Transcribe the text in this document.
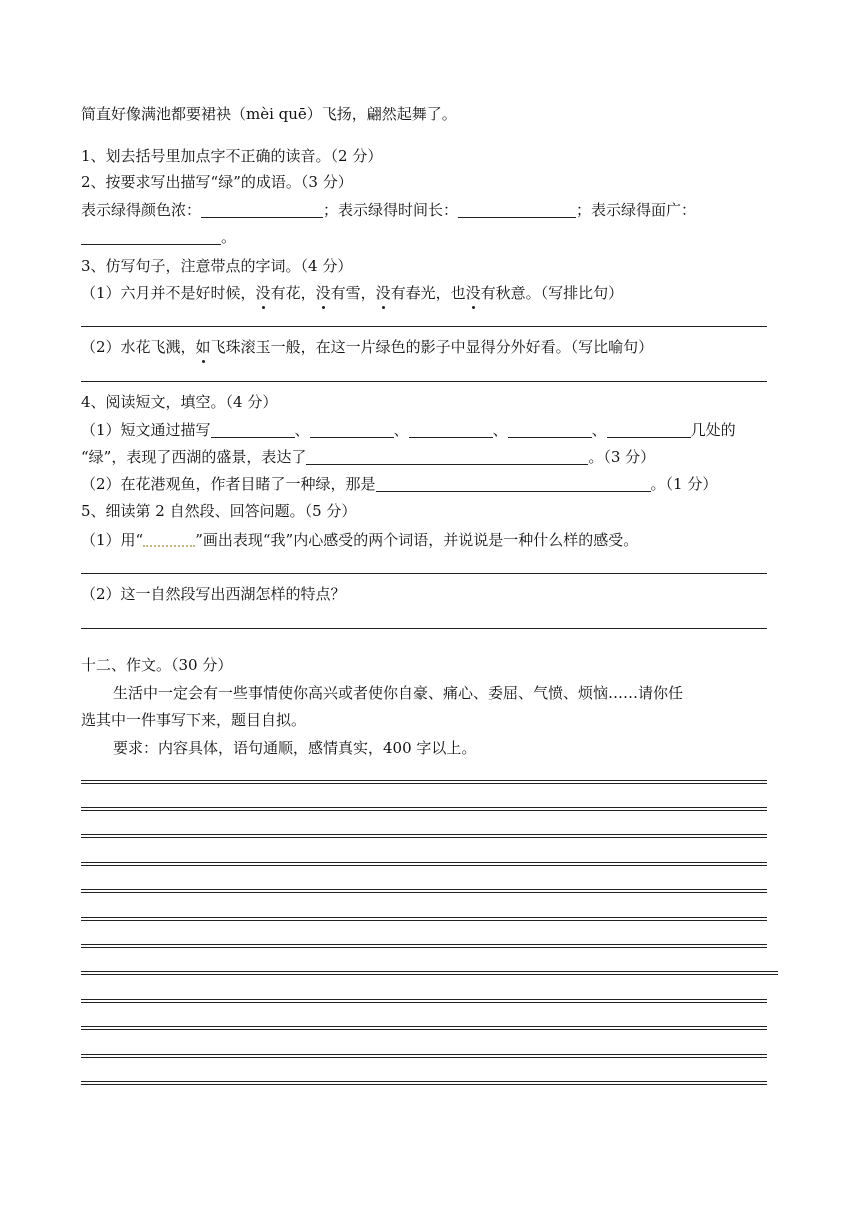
简直好像满池都要裙袂（mèi quē）飞扬，翩然起舞了。
1、划去括号里加点字不正确的读音。（2 分）
2、按要求写出描写“绿”的成语。（3 分）
表示绿得颜色浓：	；表示绿得时间长：	；表示绿得面广：
。
3、仿写句子，注意带点的字词。（4 分）
（1）六月并不是好时候，没有花，没有雪，没有春光，也没有秋意。（写排比句）
（2）水花飞溅，如飞珠滚玉一般，在这一片绿色的影子中显得分外好看。（写比喻句）
4、阅读短文，填空。（4 分）
（1）短文通过描写	、	、	、	、	几处的
“绿”，表现了西湖的盛景，表达了	。（3 分）
（2）在花港观鱼，作者目睹了一种绿，那是	。（1 分）
5、细读第 2 自然段、回答问题。（5 分）
（1）用“	”画出表现“我”内心感受的两个词语，并说说是一种什么样的感受。
（2）这一自然段写出西湖怎样的特点？
十二、作文。（30 分）
生活中一定会有一些事情使你高兴或者使你自豪、痛心、委屈、气愤、烦恼……请你任
选其中一件事写下来，题目自拟。
要求：内容具体，语句通顺，感情真实，400 字以上。
